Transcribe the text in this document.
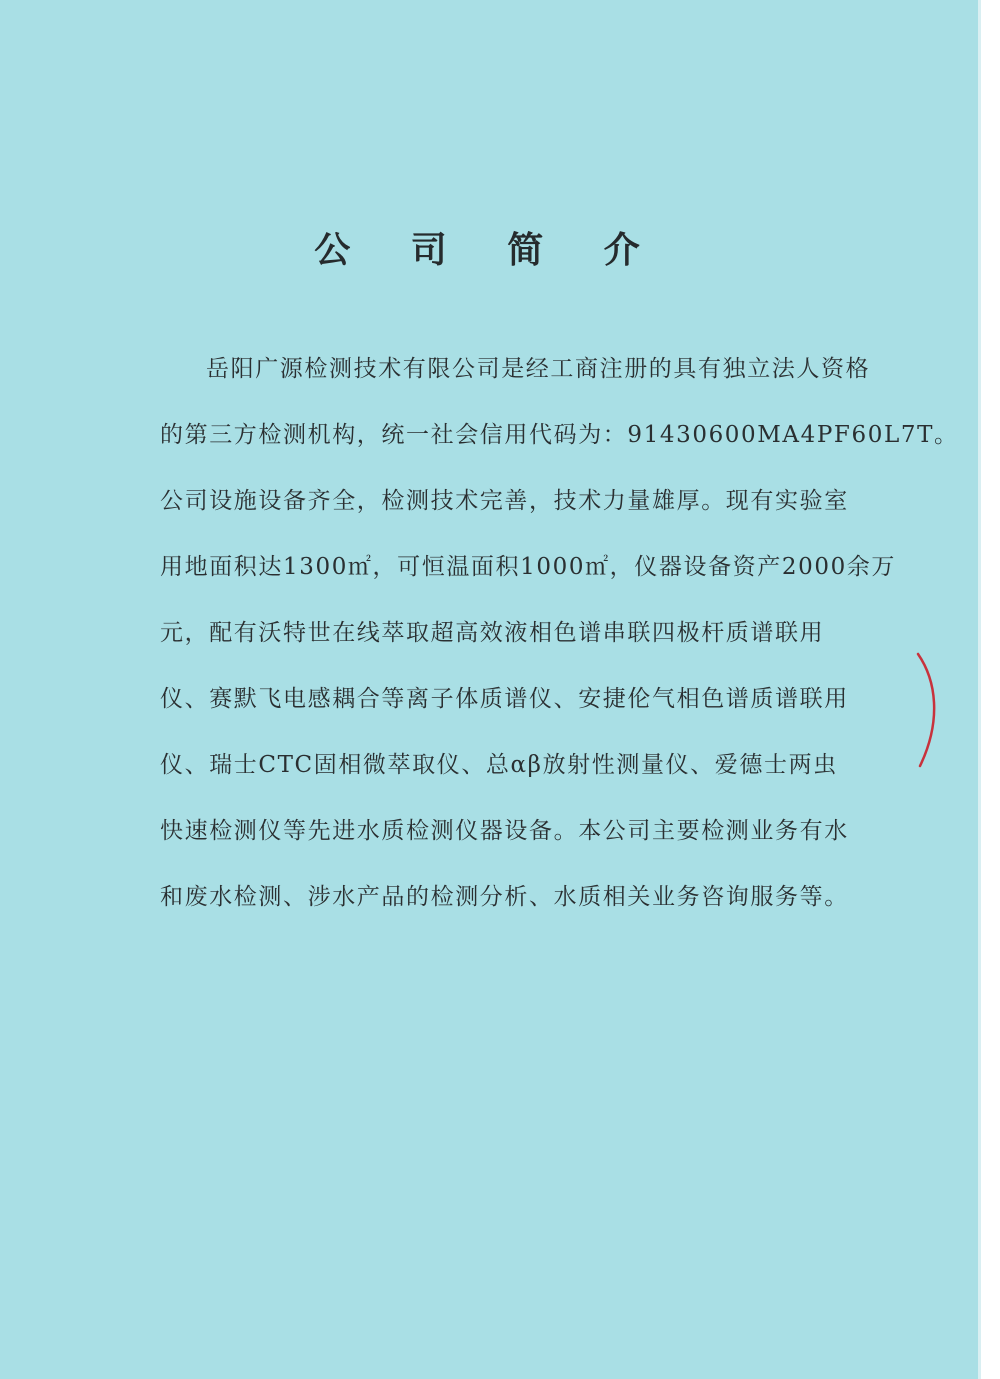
公 司 简 介
岳阳广源检测技术有限公司是经工商注册的具有独立法人资格
的第三方检测机构，统一社会信用代码为：91430600MA4PF60L7T。
公司设施设备齐全，检测技术完善，技术力量雄厚。现有实验室
用地面积达1300㎡，可恒温面积1000㎡，仪器设备资产2000余万
元，配有沃特世在线萃取超高效液相色谱串联四极杆质谱联用
仪、赛默飞电感耦合等离子体质谱仪、安捷伦气相色谱质谱联用
仪、瑞士CTC固相微萃取仪、总αβ放射性测量仪、爱德士两虫
快速检测仪等先进水质检测仪器设备。本公司主要检测业务有水
和废水检测、涉水产品的检测分析、水质相关业务咨询服务等。
